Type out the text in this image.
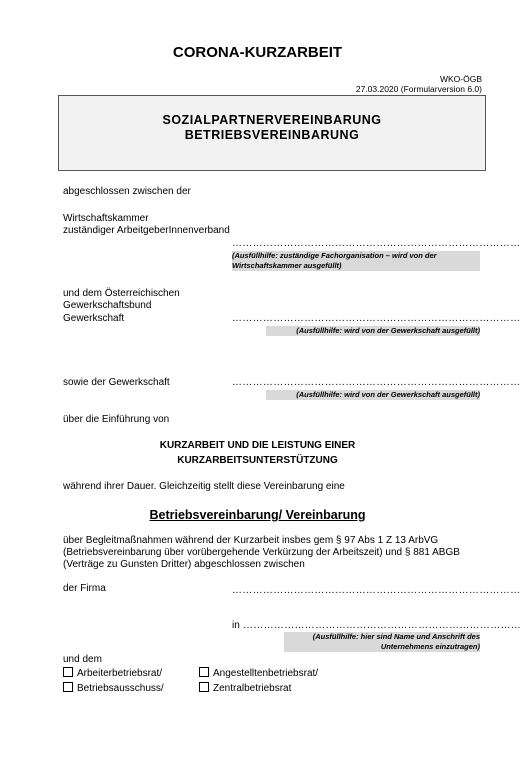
CORONA-KURZARBEIT
WKO-ÖGB
27.03.2020 (Formularversion 6.0)
SOZIALPARTNERVEREINBARUNG
BETRIEBSVEREINBARUNG
abgeschlossen zwischen der
Wirtschaftskammer
zuständiger ArbeitgeberInnenverband
…………………………………………………………………………
(Ausfüllhilfe: zuständige Fachorganisation – wird von der
Wirtschaftskammer ausgefüllt)
und dem Österreichischen
Gewerkschaftsbund
Gewerkschaft	…………………………………………………………………………
(Ausfüllhilfe: wird von der Gewerkschaft ausgefüllt)
sowie der Gewerkschaft	…………………………………………………………………………
(Ausfüllhilfe: wird von der Gewerkschaft ausgefüllt)
über die Einführung von
KURZARBEIT UND DIE LEISTUNG EINER
KURZARBEITSUNTERSTÜTZUNG
während ihrer Dauer. Gleichzeitig stellt diese Vereinbarung eine
Betriebsvereinbarung/ Vereinbarung
über Begleitmaßnahmen während der Kurzarbeit insbes gem § 97 Abs 1 Z 13 ArbVG
(Betriebsvereinbarung über vorübergehende Verkürzung der Arbeitszeit) und § 881 ABGB
(Verträge zu Gunsten Dritter) abgeschlossen zwischen
der Firma	…………………………………………………………………………
in ………………………………………………………………………
(Ausfüllhilfe: hier sind Name und Anschrift des
Unternehmens einzutragen)
und dem
Arbeiterbetriebsrat/	Angestelltenbetriebsrat/
Betriebsausschuss/	Zentralbetriebsrat
